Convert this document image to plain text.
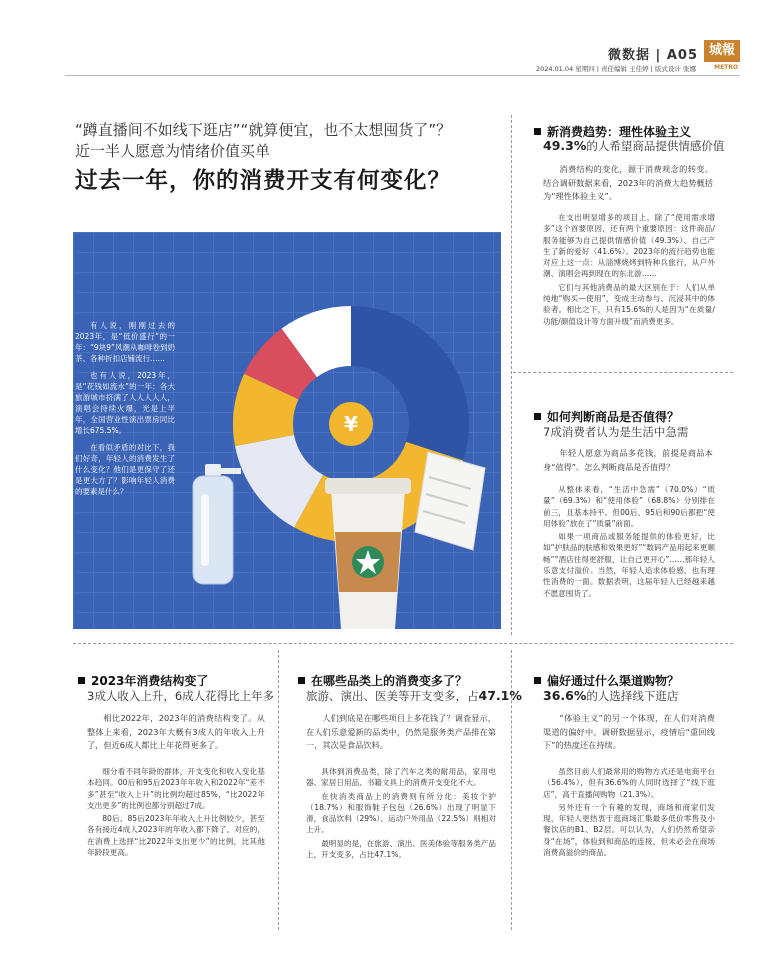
微数据 | A05 城報
METRO
2024.01.04 星期四 | 责任编辑 王佳婷 | 版式设计 张娜
“蹲直播间不如线下逛店”“就算便宜，也不太想囤货了”？
近一半人愿意为情绪价值买单
过去一年，你的消费开支有何变化？
¥

有人说，刚刚过去的2023年，是“低价盛行”的一年：“9块9”风潮从咖啡卷到奶茶、各种折扣店铺流行……

也有人说，2023年，是“花钱如流水”的一年：各大旅游城市挤满了人人人人人，演唱会持续火爆，光是上半年，全国营业性演出票房同比增长675.5%。

在看似矛盾的对比下，我们好奇，年轻人的消费发生了什么变化？他们是更保守了还是更大方了？影响年轻人消费的要素是什么？

新消费趋势：理性体验主义
49.3%的人希望商品提供情感价值

消费结构的变化，源于消费观念的转变。结合调研数据来看，2023年的消费大趋势概括为“理性体验主义”。

在支出明显增多的项目上，除了“使用需求增多”这个首要原因，还有两个重要原因：这件商品/服务能够为自己提供情感价值（49.3%）、自己产生了新的爱好（41.6%）。2023年的流行趋势也能对应上这一点：从淄博烧烤到特种兵旅行，从户外潮、演唱会再到现在的东北游……

它们与其他消费品的最大区别在于：人们从单纯地“购买—使用”，变成主动参与、沉浸其中的体验者。相比之下，只有15.6%的人是因为“在质量/功能/颜值设计等方面升级”而消费更多。

如何判断商品是否值得？
7成消费者认为是生活中急需

年轻人愿意为商品多花钱，前提是商品本身“值得”。怎么判断商品是否值得？

从整体来看，“生活中急需”（70.0%）“质量”（69.3%）和“使用体验”（68.8%）分别排在前三，且基本持平。但00后、95后和90后都把“使用体验”放在了“质量”前面。

如果一项商品或服务能提供的体验更好，比如“护肤品的肤感和效果更好”“数码产品用起来更顺畅”“酒店住得更舒服，让自己更开心”……那年轻人乐意支付溢价。当然，年轻人追求体验感，也有理性消费的一面。数据表明，这届年轻人已经越来越不愿意囤货了。

2023年消费结构变了
3成人收入上升，6成人花得比上年多

相比2022年，2023年的消费结构变了。从整体上来看，2023年大概有3成人的年收入上升了，但近6成人都比上年花得更多了。

细分看不同年龄的群体，开支变化和收入变化基本趋同。00后和95后2023年年收入和2022年“差不多”甚至“收入上升”的比例均超过85%，“比2022年支出更多”的比例也都分别超过7成。

80后、85后2023年年收入上升比例较少，甚至各有接近4成人2023年的年收入都下降了。对应的，在消费上选择“比2022年支出更少”的比例，比其他年龄段更高。

在哪些品类上的消费变多了？
旅游、演出、医美等开支变多，占47.1%

人们到底是在哪些项目上多花钱了？调查显示，在人们乐意爱新的品类中，仍然是服务类产品排在第一，其次是食品饮料。

具体到消费品类，除了汽车之类的耐用品，家用电器、家居日用品、书籍文具上的消费开支变化不大。

在快消类商品上的消费则有所分化：美妆个护（18.7%）和服饰鞋子包包（26.6%）出现了明显下滑，食品饮料（29%）、运动户外用品（22.5%）则相对上升。

最明显的是，在旅游、演出、医美体验等服务类产品上，开支变多，占比47.1%。

偏好通过什么渠道购物？
36.6%的人选择线下逛店

“体验主义”的另一个体现，在人们对消费渠道的偏好中。调研数据显示，疫情后“重回线下”的热度还在持续。

虽然目前人们最常用的购物方式还是电商平台（56.4%），但有36.6%的人同时选择了“线下逛店”，高于直播间购物（21.3%）。

另外还有一个有趣的发现，商场和商家们发现，年轻人更热衷于逛商场汇集最多低价零售及小餐饮店的B1、B2层。可以认为，人们仍然希望亲身“在场”，体验到和商品的连接，但未必会在商场消费高溢价的商品。
